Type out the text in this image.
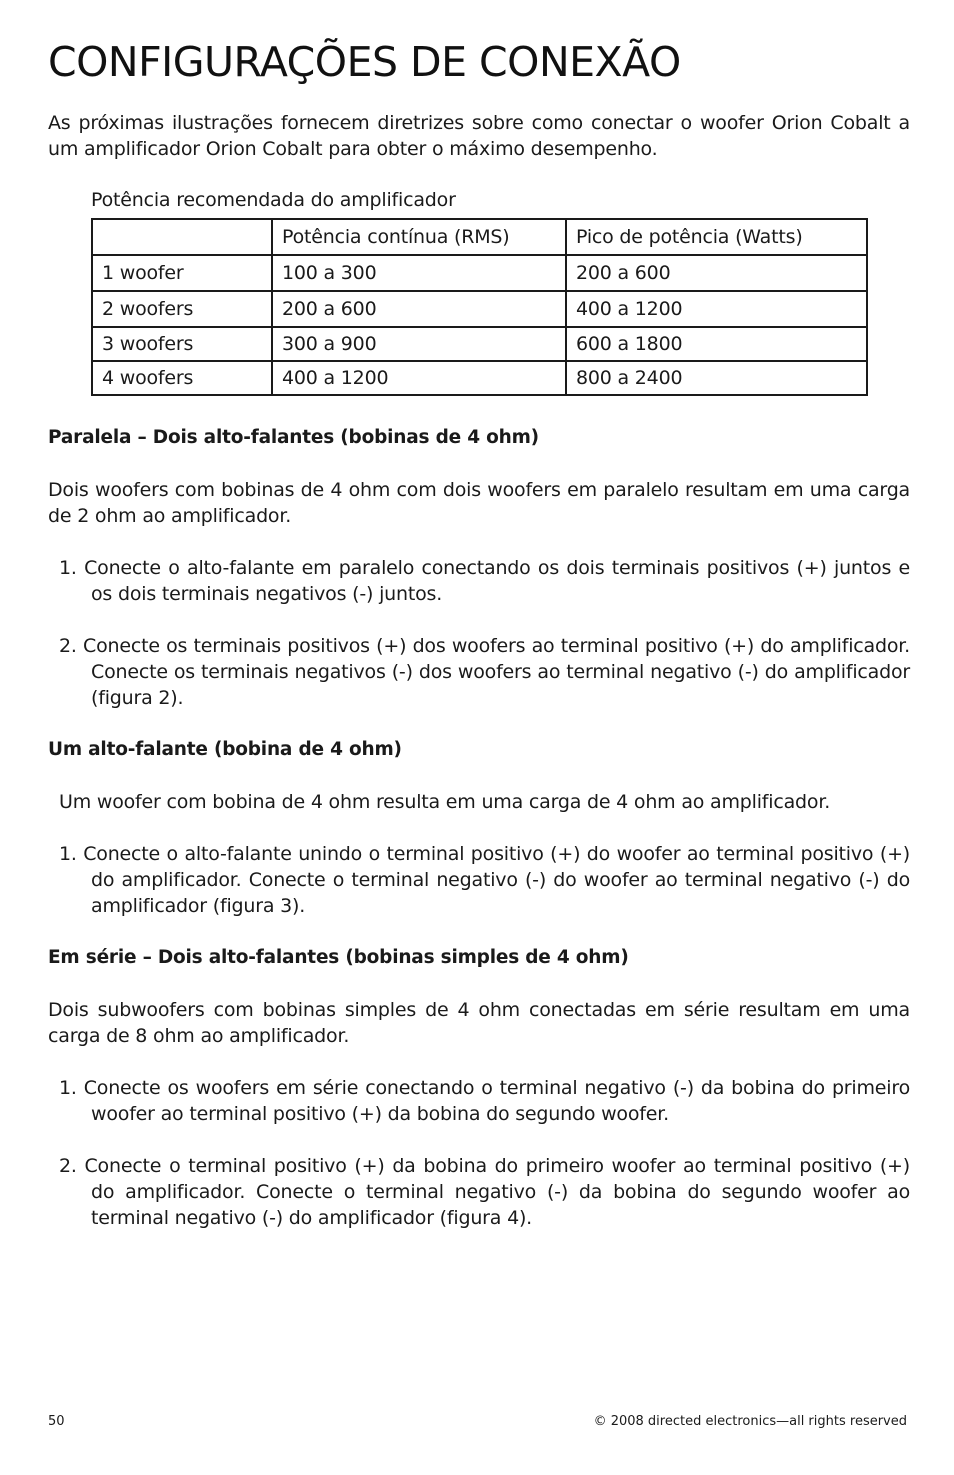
CONFIGURAÇÕES DE CONEXÃO

As próximas ilustrações fornecem diretrizes sobre como conectar o woofer Orion Cobalt a um amplificador Orion Cobalt para obter o máximo desempenho.

Potência recomendada do amplificador
	Potência contínua (RMS)	Pico de potência (Watts)
1 woofer	100 a 300	200 a 600
2 woofers	200 a 600	400 a 1200
3 woofers	300 a 900	600 a 1800
4 woofers	400 a 1200	800 a 2400
Paralela – Dois alto-falantes (bobinas de 4 ohm)

Dois woofers com bobinas de 4 ohm com dois woofers em paralelo resultam em uma carga de 2 ohm ao amplificador.

1. Conecte o alto-falante em paralelo conectando os dois terminais positivos (+) juntos e os dois terminais negativos (-) juntos.
2. Conecte os terminais positivos (+) dos woofers ao terminal positivo (+) do amplificador. Conecte os terminais negativos (-) dos woofers ao terminal negativo (-) do amplificador (figura 2).
Um alto-falante (bobina de 4 ohm)

Um woofer com bobina de 4 ohm resulta em uma carga de 4 ohm ao amplificador.

1. Conecte o alto-falante unindo o terminal positivo (+) do woofer ao terminal positivo (+) do amplificador. Conecte o terminal negativo (-) do woofer ao terminal negativo (-) do amplificador (figura 3).
Em série – Dois alto-falantes (bobinas simples de 4 ohm)

Dois subwoofers com bobinas simples de 4 ohm conectadas em série resultam em uma carga de 8 ohm ao amplificador.

1. Conecte os woofers em série conectando o terminal negativo (-) da bobina do primeiro woofer ao terminal positivo (+) da bobina do segundo woofer.
2. Conecte o terminal positivo (+) da bobina do primeiro woofer ao terminal positivo (+) do amplificador. Conecte o terminal negativo (-) da bobina do segundo woofer ao terminal negativo (-) do amplificador (figura 4).
50	© 2008 directed electronics—all rights reserved
